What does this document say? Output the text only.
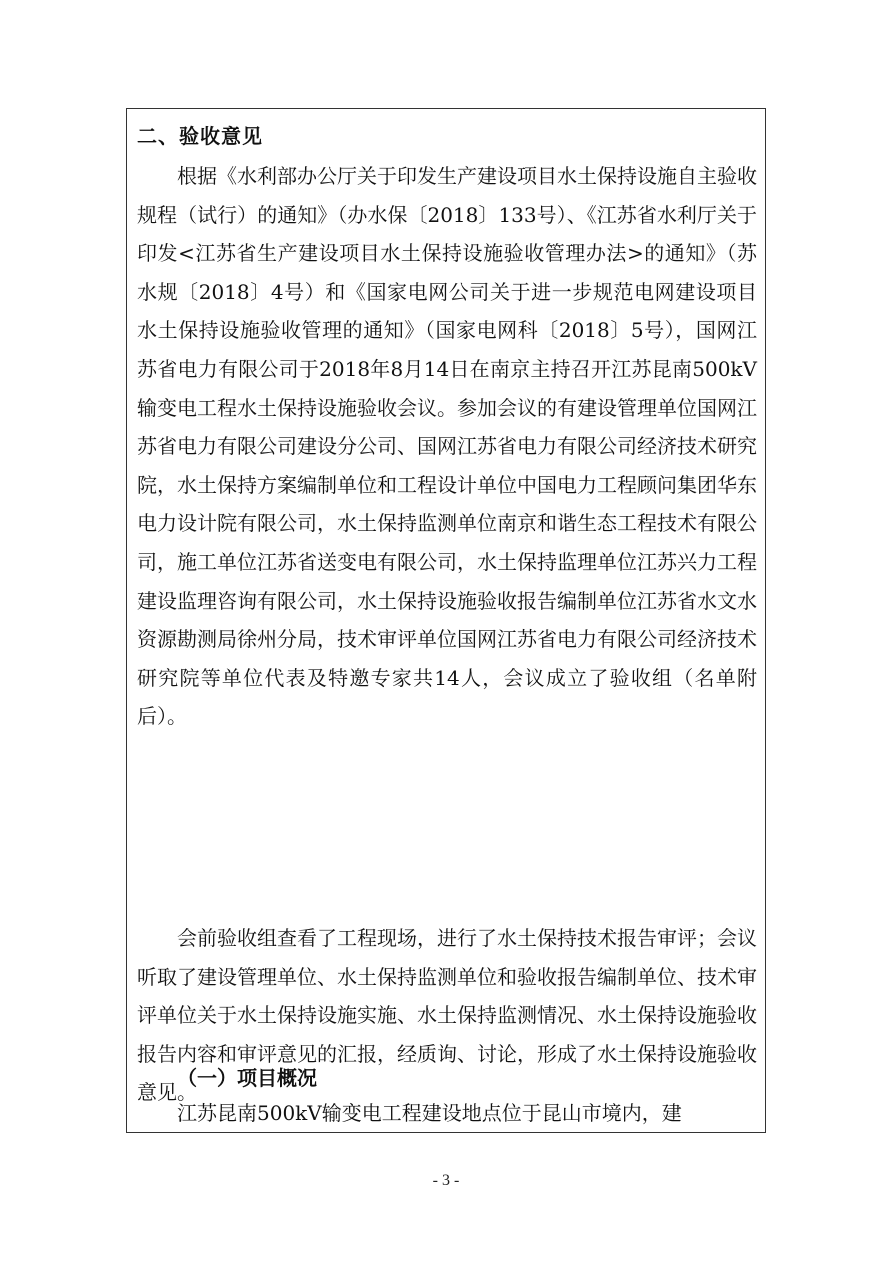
二、验收意见

根据《水利部办公厅关于印发生产建设项目水土保持设施自主验收规程（试行）的通知》（办水保〔2018〕133号）、《江苏省水利厅关于印发<江苏省生产建设项目水土保持设施验收管理办法>的通知》（苏水规〔2018〕4号）和《国家电网公司关于进一步规范电网建设项目水土保持设施验收管理的通知》（国家电网科〔2018〕5号），国网江苏省电力有限公司于2018年8月14日在南京主持召开江苏昆南500kV输变电工程水土保持设施验收会议。参加会议的有建设管理单位国网江苏省电力有限公司建设分公司、国网江苏省电力有限公司经济技术研究院，水土保持方案编制单位和工程设计单位中国电力工程顾问集团华东电力设计院有限公司，水土保持监测单位南京和谐生态工程技术有限公司，施工单位江苏省送变电有限公司，水土保持监理单位江苏兴力工程建设监理咨询有限公司，水土保持设施验收报告编制单位江苏省水文水资源勘测局徐州分局，技术审评单位国网江苏省电力有限公司经济技术研究院等单位代表及特邀专家共14人，会议成立了验收组（名单附后）。

会前验收组查看了工程现场，进行了水土保持技术报告审评；会议听取了建设管理单位、水土保持监测单位和验收报告编制单位、技术审评单位关于水土保持设施实施、水土保持监测情况、水土保持设施验收报告内容和审评意见的汇报，经质询、讨论，形成了水土保持设施验收意见。

（一）项目概况

江苏昆南500kV输变电工程建设地点位于昆山市境内，建

- 3 -
